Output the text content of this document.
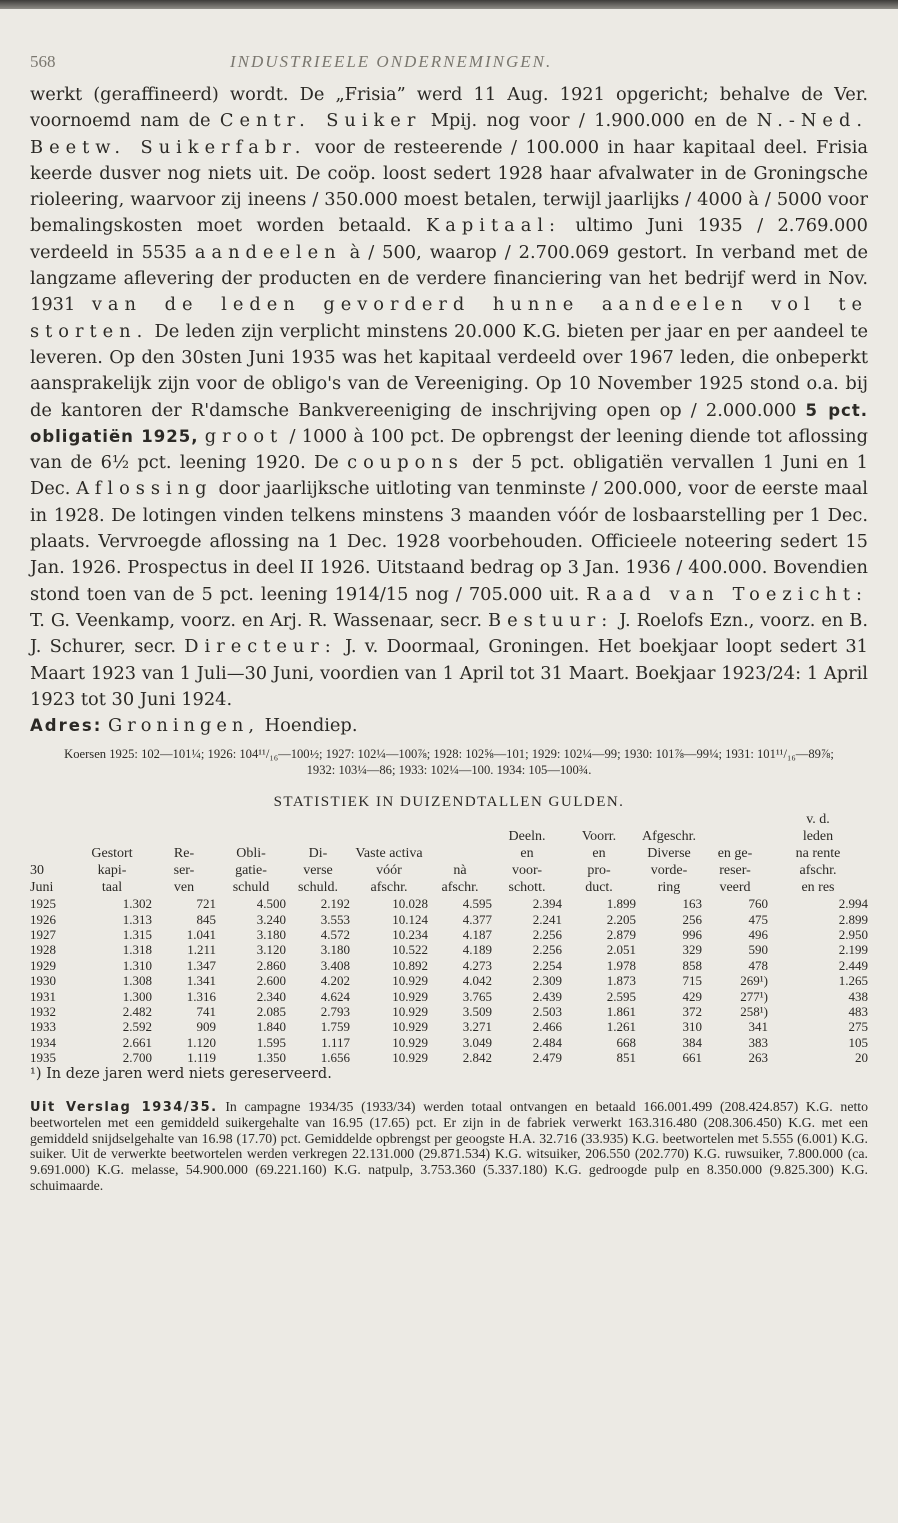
568	INDUSTRIEELE ONDERNEMINGEN.

werkt (geraffineerd) wordt. De „Frisia” werd 11 Aug. 1921 opgericht; behalve de Ver. voornoemd nam de Centr. Suiker Mpij. nog voor / 1.900.000 en de N.-Ned. Beetw. Suikerfabr. voor de resteerende / 100.000 in haar kapitaal deel. Frisia keerde dusver nog niets uit. De coöp. loost sedert 1928 haar afvalwater in de Groningsche rioleering, waarvoor zij ineens / 350.000 moest betalen, terwijl jaarlijks / 4000 à / 5000 voor bemalingskosten moet worden betaald. Kapitaal: ultimo Juni 1935 / 2.769.000 verdeeld in 5535 aandeelen à / 500, waarop / 2.700.069 gestort. In verband met de langzame aflevering der producten en de verdere financiering van het bedrijf werd in Nov. 1931 van de leden gevorderd hunne aandeelen vol te storten. De leden zijn verplicht minstens 20.000 K.G. bieten per jaar en per aandeel te leveren. Op den 30sten Juni 1935 was het kapitaal verdeeld over 1967 leden, die onbeperkt aansprakelijk zijn voor de obligo's van de Vereeniging. Op 10 November 1925 stond o.a. bij de kantoren der R'damsche Bankvereeniging de inschrijving open op / 2.000.000 5 pct. obligatiën 1925, groot / 1000 à 100 pct. De opbrengst der leening diende tot aflossing van de 6½ pct. leening 1920. De coupons der 5 pct. obligatiën vervallen 1 Juni en 1 Dec. Aflossing door jaarlijksche uitloting van tenminste / 200.000, voor de eerste maal in 1928. De lotingen vinden telkens minstens 3 maanden vóór de losbaarstelling per 1 Dec. plaats. Vervroegde aflossing na 1 Dec. 1928 voorbehouden. Officieele noteering sedert 15 Jan. 1926. Prospectus in deel II 1926. Uitstaand bedrag op 3 Jan. 1936 / 400.000. Bovendien stond toen van de 5 pct. leening 1914/15 nog / 705.000 uit. Raad van Toezicht: T. G. Veenkamp, voorz. en Arj. R. Wassenaar, secr. Bestuur: J. Roelofs Ezn., voorz. en B. J. Schurer, secr. Directeur: J. v. Doormaal, Groningen. Het boekjaar loopt sedert 31 Maart 1923 van 1 Juli—30 Juni, voordien van 1 April tot 31 Maart. Boekjaar 1923/24: 1 April 1923 tot 30 Juni 1924.

Adres: Groningen, Hoendiep.

Koersen 1925: 102—101¼; 1926: 104¹¹/₁₆—100½; 1927: 102¼—100⅞; 1928: 102⅝—101; 1929: 102¼—99; 1930: 101⅞—99¼; 1931: 101¹¹/₁₆—89⅞; 1932: 103¼—86; 1933: 102¼—100. 1934: 105—100¾.

STATISTIEK IN DUIZENDTALLEN GULDEN.

											v. d.
							Deeln.	Voorr.	Afgeschr.		leden
	Gestort	Re-	Obli-	Di-	Vaste activa		en	en	Diverse	en ge-	na rente
30	kapi-	ser-	gatie-	verse	vóór	nà	voor-	pro-	vorde-	reser-	afschr.
Juni	taal	ven	schuld	schuld.	afschr.	afschr.	schott.	duct.	ring	veerd	en res
1925	1.302	721	4.500	2.192	10.028	4.595	2.394	1.899	163	760	2.994
1926	1.313	845	3.240	3.553	10.124	4.377	2.241	2.205	256	475	2.899
1927	1.315	1.041	3.180	4.572	10.234	4.187	2.256	2.879	996	496	2.950
1928	1.318	1.211	3.120	3.180	10.522	4.189	2.256	2.051	329	590	2.199
1929	1.310	1.347	2.860	3.408	10.892	4.273	2.254	1.978	858	478	2.449
1930	1.308	1.341	2.600	4.202	10.929	4.042	2.309	1.873	715	269¹)	1.265
1931	1.300	1.316	2.340	4.624	10.929	3.765	2.439	2.595	429	277¹)	438
1932	2.482	741	2.085	2.793	10.929	3.509	2.503	1.861	372	258¹)	483
1933	2.592	909	1.840	1.759	10.929	3.271	2.466	1.261	310	341	275
1934	2.661	1.120	1.595	1.117	10.929	3.049	2.484	668	384	383	105
1935	2.700	1.119	1.350	1.656	10.929	2.842	2.479	851	661	263	20

¹) In deze jaren werd niets gereserveerd.

Uit Verslag 1934/35. In campagne 1934/35 (1933/34) werden totaal ontvangen en betaald 166.001.499 (208.424.857) K.G. netto beetwortelen met een gemiddeld suikergehalte van 16.95 (17.65) pct. Er zijn in de fabriek verwerkt 163.316.480 (208.306.450) K.G. met een gemiddeld snijdselgehalte van 16.98 (17.70) pct. Gemiddelde opbrengst per geoogste H.A. 32.716 (33.935) K.G. beetwortelen met 5.555 (6.001) K.G. suiker. Uit de verwerkte beetwortelen werden verkregen 22.131.000 (29.871.534) K.G. witsuiker, 206.550 (202.770) K.G. ruwsuiker, 7.800.000 (ca. 9.691.000) K.G. melasse, 54.900.000 (69.221.160) K.G. natpulp, 3.753.360 (5.337.180) K.G. gedroogde pulp en 8.350.000 (9.825.300) K.G. schuimaarde.
